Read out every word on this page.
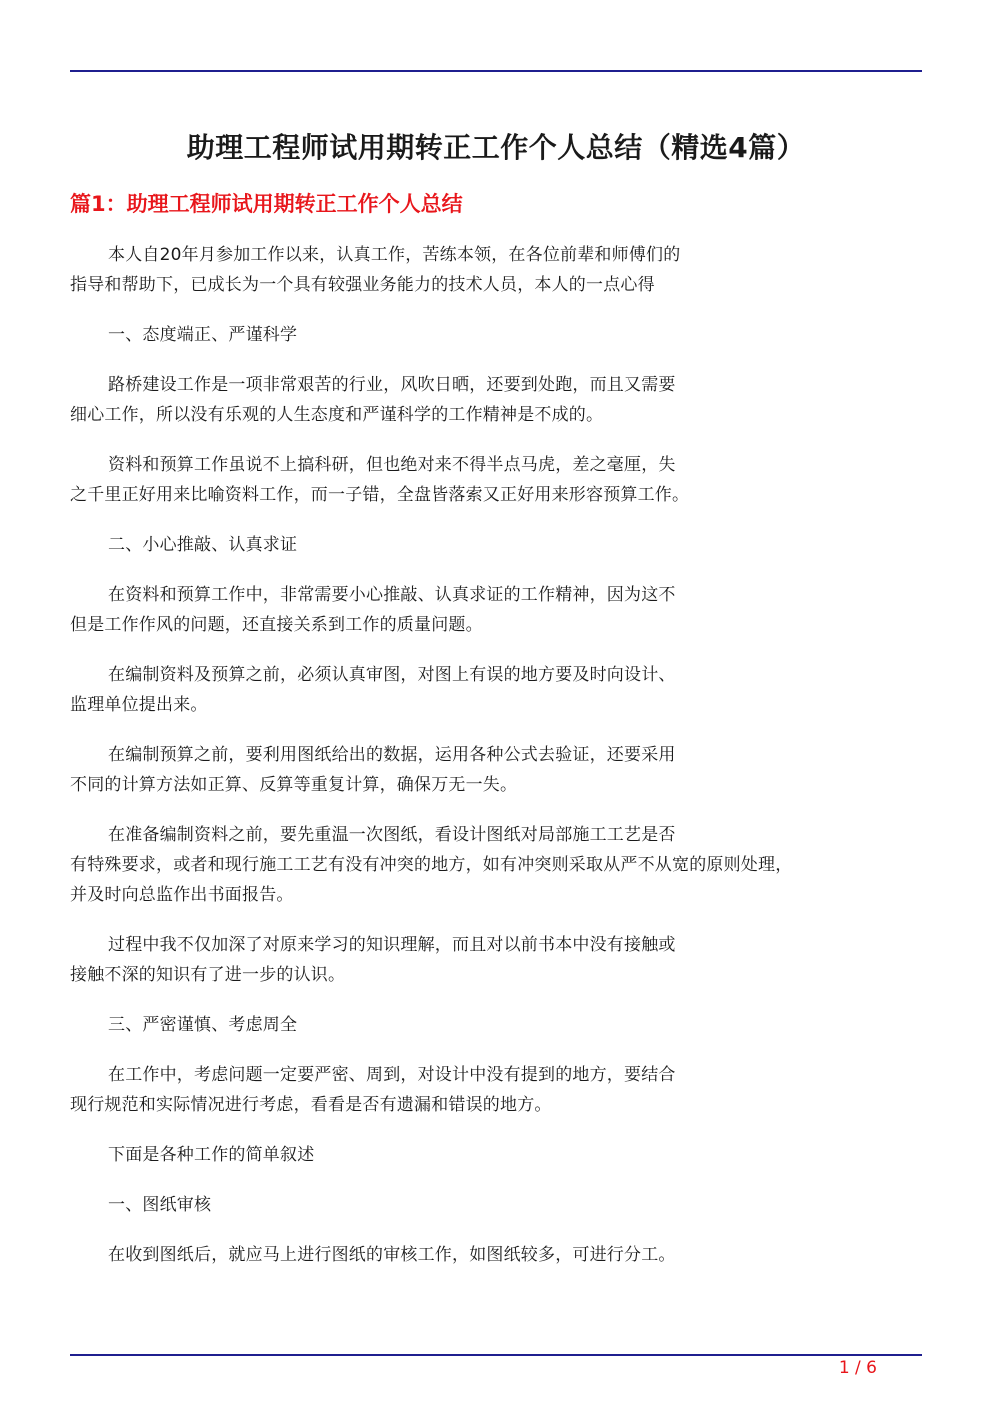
助理工程师试用期转正工作个人总结（精选4篇）
篇1：助理工程师试用期转正工作个人总结

本人自20年月参加工作以来，认真工作，苦练本领，在各位前辈和师傅们的
指导和帮助下，已成长为一个具有较强业务能力的技术人员，本人的一点心得

一、态度端正、严谨科学

路桥建设工作是一项非常艰苦的行业，风吹日晒，还要到处跑，而且又需要
细心工作，所以没有乐观的人生态度和严谨科学的工作精神是不成的。

资料和预算工作虽说不上搞科研，但也绝对来不得半点马虎，差之毫厘，失
之千里正好用来比喻资料工作，而一子错，全盘皆落索又正好用来形容预算工作。

二、小心推敲、认真求证

在资料和预算工作中，非常需要小心推敲、认真求证的工作精神，因为这不
但是工作作风的问题，还直接关系到工作的质量问题。

在编制资料及预算之前，必须认真审图，对图上有误的地方要及时向设计、
监理单位提出来。

在编制预算之前，要利用图纸给出的数据，运用各种公式去验证，还要采用
不同的计算方法如正算、反算等重复计算，确保万无一失。

在准备编制资料之前，要先重温一次图纸，看设计图纸对局部施工工艺是否
有特殊要求，或者和现行施工工艺有没有冲突的地方，如有冲突则采取从严不从宽的原则处理，
并及时向总监作出书面报告。

过程中我不仅加深了对原来学习的知识理解，而且对以前书本中没有接触或
接触不深的知识有了进一步的认识。

三、严密谨慎、考虑周全

在工作中，考虑问题一定要严密、周到，对设计中没有提到的地方，要结合
现行规范和实际情况进行考虑，看看是否有遗漏和错误的地方。

下面是各种工作的简单叙述

一、图纸审核

在收到图纸后，就应马上进行图纸的审核工作，如图纸较多，可进行分工。

1 / 6
